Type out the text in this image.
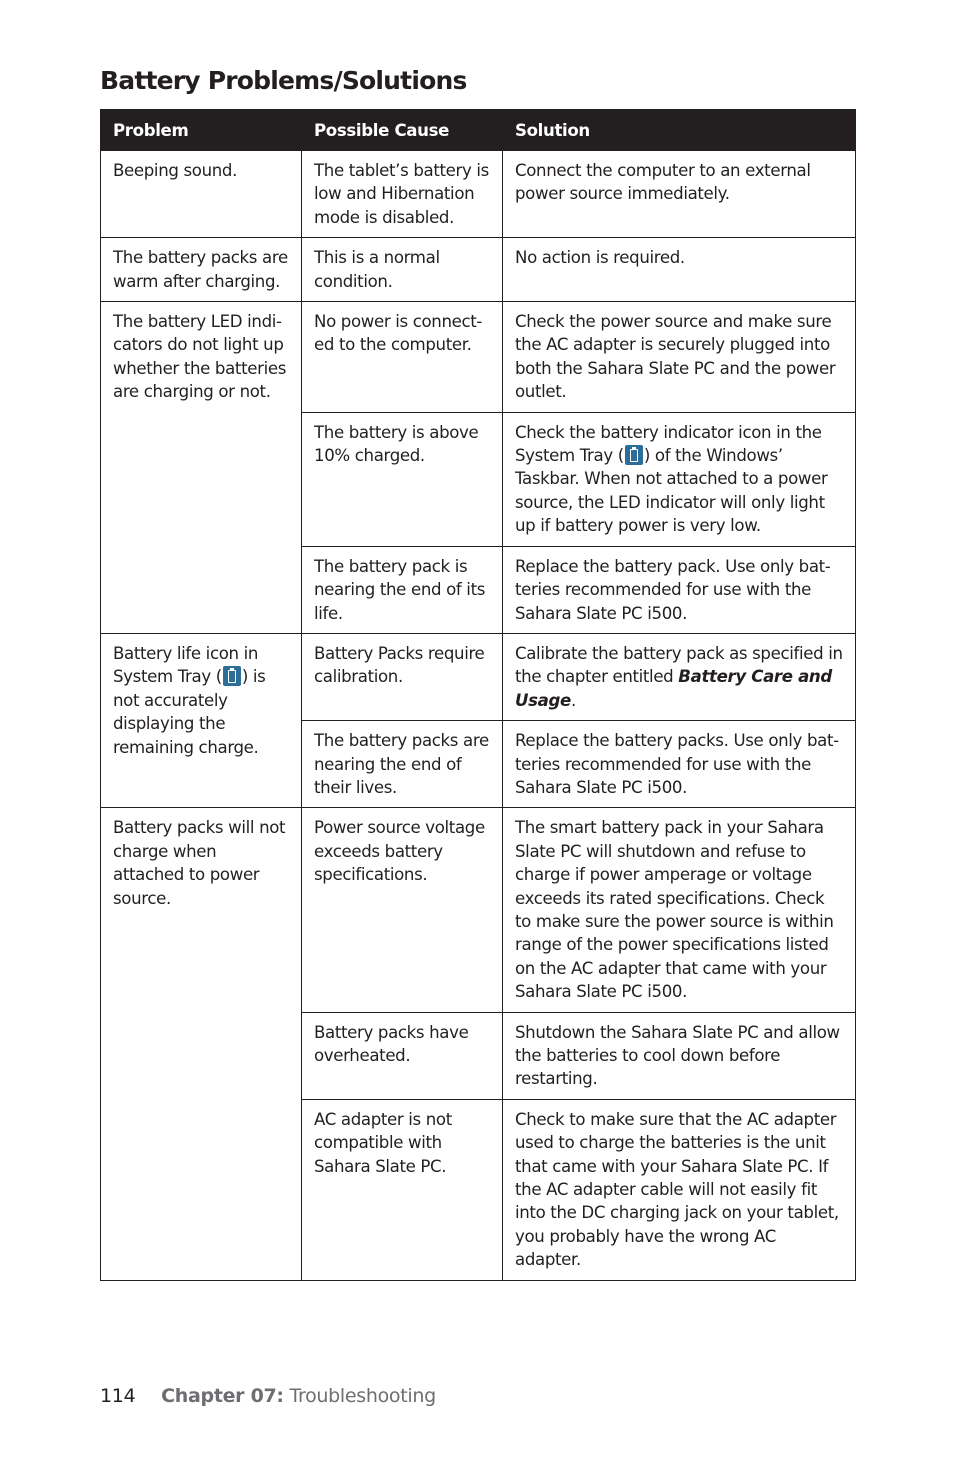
Battery Problems/Solutions
Problem	Possible Cause	Solution
Beeping sound.	The tablet’s battery is low and Hibernation mode is disabled.	Connect the computer to an external power source immediately.
The battery packs are warm after charging.	This is a normal condition.	No action is required.
The battery LED indi-cators do not light up whether the batteries are charging or not.	No power is connect-ed to the computer.	Check the power source and make sure the AC adapter is securely plugged into both the Sahara Slate PC and the power outlet.
	The battery is above 10% charged.	Check the battery indicator icon in the System Tray ( ) of the Windows’ Taskbar. When not attached to a power source, the LED indicator will only light up if battery power is very low.
	The battery pack is nearing the end of its life.	Replace the battery pack. Use only bat-teries recommended for use with the Sahara Slate PC i500.
Battery life icon in System Tray ( ) is not accurately displaying the remaining charge.	Battery Packs require calibration.	Calibrate the battery pack as specified in the chapter entitled Battery Care and Usage.
	The battery packs are nearing the end of their lives.	Replace the battery packs. Use only bat-teries recommended for use with the Sahara Slate PC i500.
Battery packs will not charge when attached to power source.	Power source voltage exceeds battery specifications.	The smart battery pack in your Sahara Slate PC will shutdown and refuse to charge if power amperage or voltage exceeds its rated specifications. Check to make sure the power source is within range of the power specifications listed on the AC adapter that came with your Sahara Slate PC i500.
	Battery packs have overheated.	Shutdown the Sahara Slate PC and allow the batteries to cool down before restarting.
	AC adapter is not compatible with Sahara Slate PC.	Check to make sure that the AC adapter used to charge the batteries is the unit that came with your Sahara Slate PC. If the AC adapter cable will not easily fit into the DC charging jack on your tablet, you probably have the wrong AC adapter.
114 Chapter 07: Troubleshooting
